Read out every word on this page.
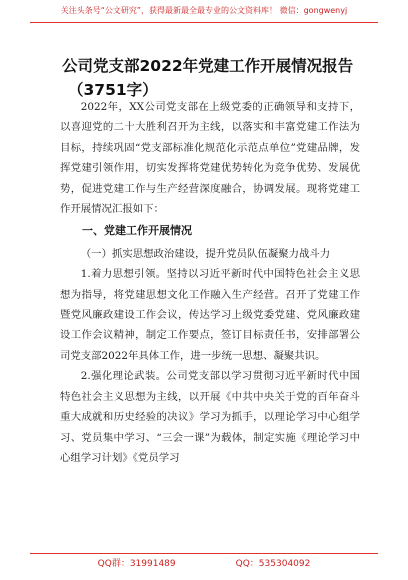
关注头条号“公文研究”，获得最新最全最专业的公文资料库！ 微信：gongwenyj
公司党支部2022年党建工作开展情况报告
（3751字）

2022年，XX公司党支部在上级党委的正确领导和支持下，以喜迎党的二十大胜利召开为主线，以落实和丰富党建工作法为目标，持续巩固“党支部标准化规范化示范点单位”党建品牌，发挥党建引领作用，切实发挥将党建优势转化为竞争优势、发展优势，促进党建工作与生产经营深度融合，协调发展。现将党建工作开展情况汇报如下：

一、党建工作开展情况

（一）抓实思想政治建设，提升党员队伍凝聚力战斗力

1.着力思想引领。坚持以习近平新时代中国特色社会主义思想为指导，将党建思想文化工作融入生产经营。召开了党建工作暨党风廉政建设工作会议，传达学习上级党委党建、党风廉政建设工作会议精神，制定工作要点，签订目标责任书，安排部署公司党支部2022年具体工作，进一步统一思想、凝聚共识。

2.强化理论武装。公司党支部以学习贯彻习近平新时代中国特色社会主义思想为主线，以开展《中共中央关于党的百年奋斗重大成就和历史经验的决议》学习为抓手，以理论学习中心组学习、党员集中学习、“三会一课”为载体，制定实施《理论学习中心组学习计划》《党员学习

QQ群：31991489	QQ：535304092
